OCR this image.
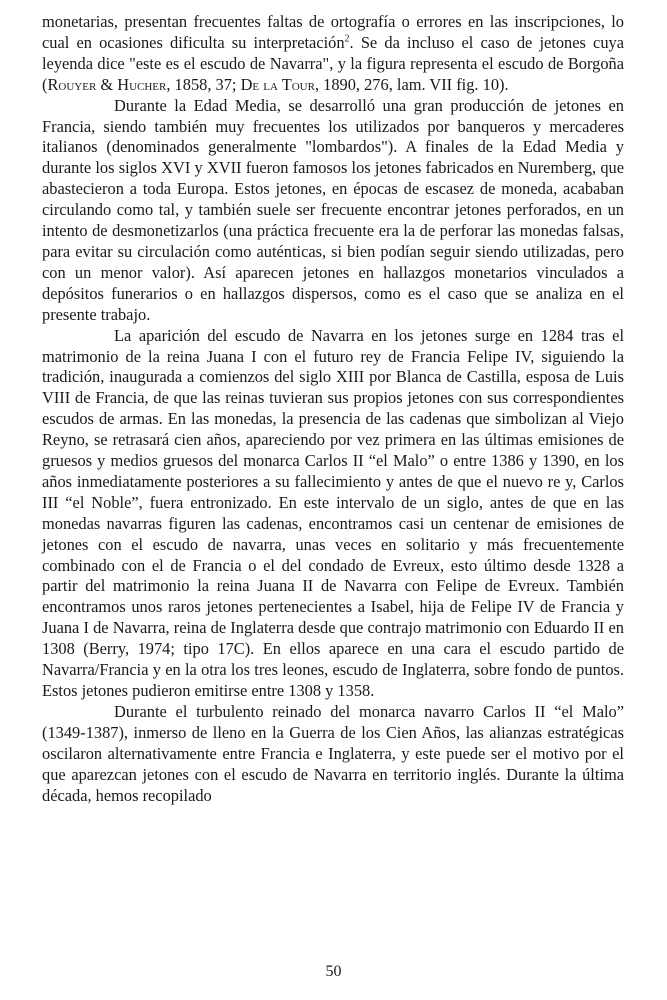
monetarias, presentan frecuentes faltas de ortografía o errores en las inscripciones, lo cual en ocasiones dificulta su interpretación$^2$. Se da incluso el caso de jetones cuya leyenda dice "este es el escudo de Navarra", y la figura representa el escudo de Borgoña (Rouyer & Hucher, 1858, 37; De la Tour, 1890, 276, lam. VII fig. 10).

Durante la Edad Media, se desarrolló una gran producción de jetones en Francia, siendo también muy frecuentes los utilizados por banqueros y mercaderes italianos (denominados generalmente "lombardos"). A finales de la Edad Media y durante los siglos XVI y XVII fueron famosos los jetones fabricados en Nuremberg, que abastecieron a toda Europa. Estos jetones, en épocas de escasez de moneda, acababan circulando como tal, y también suele ser frecuente encontrar jetones perforados, en un intento de desmonetizarlos (una práctica frecuente era la de perforar las monedas falsas, para evitar su circulación como auténticas, si bien podían seguir siendo utilizadas, pero con un menor valor). Así aparecen jetones en hallazgos monetarios vinculados a depósitos funerarios o en hallazgos dispersos, como es el caso que se analiza en el presente trabajo.

La aparición del escudo de Navarra en los jetones surge en 1284 tras el matrimonio de la reina Juana I con el futuro rey de Francia Felipe IV, siguiendo la tradición, inaugurada a comienzos del siglo XIII por Blanca de Castilla, esposa de Luis VIII de Francia, de que las reinas tuvieran sus propios jetones con sus correspondientes escudos de armas. En las monedas, la presencia de las cadenas que simbolizan al Viejo Reyno, se retrasará cien años, apareciendo por vez primera en las últimas emisiones de gruesos y medios gruesos del monarca Carlos II “el Malo” o entre 1386 y 1390, en los años inmediatamente posteriores a su fallecimiento y antes de que el nuevo re y, Carlos III “el Noble”, fuera entronizado. En este intervalo de un siglo, antes de que en las monedas navarras figuren las cadenas, encontramos casi un centenar de emisiones de jetones con el escudo de navarra, unas veces en solitario y más frecuentemente combinado con el de Francia o el del condado de Evreux, esto último desde 1328 a partir del matrimonio la reina Juana II de Navarra con Felipe de Evreux. También encontramos unos raros jetones pertenecientes a Isabel, hija de Felipe IV de Francia y Juana I de Navarra, reina de Inglaterra desde que contrajo matrimonio con Eduardo II en 1308 (Berry, 1974; tipo 17C). En ellos aparece en una cara el escudo partido de Navarra/Francia y en la otra los tres leones, escudo de Inglaterra, sobre fondo de puntos. Estos jetones pudieron emitirse entre 1308 y 1358.

Durante el turbulento reinado del monarca navarro Carlos II “el Malo” (1349-1387), inmerso de lleno en la Guerra de los Cien Años, las alianzas estratégicas oscilaron alternativamente entre Francia e Inglaterra, y este puede ser el motivo por el que aparezcan jetones con el escudo de Navarra en territorio inglés. Durante la última década, hemos recopilado

50
